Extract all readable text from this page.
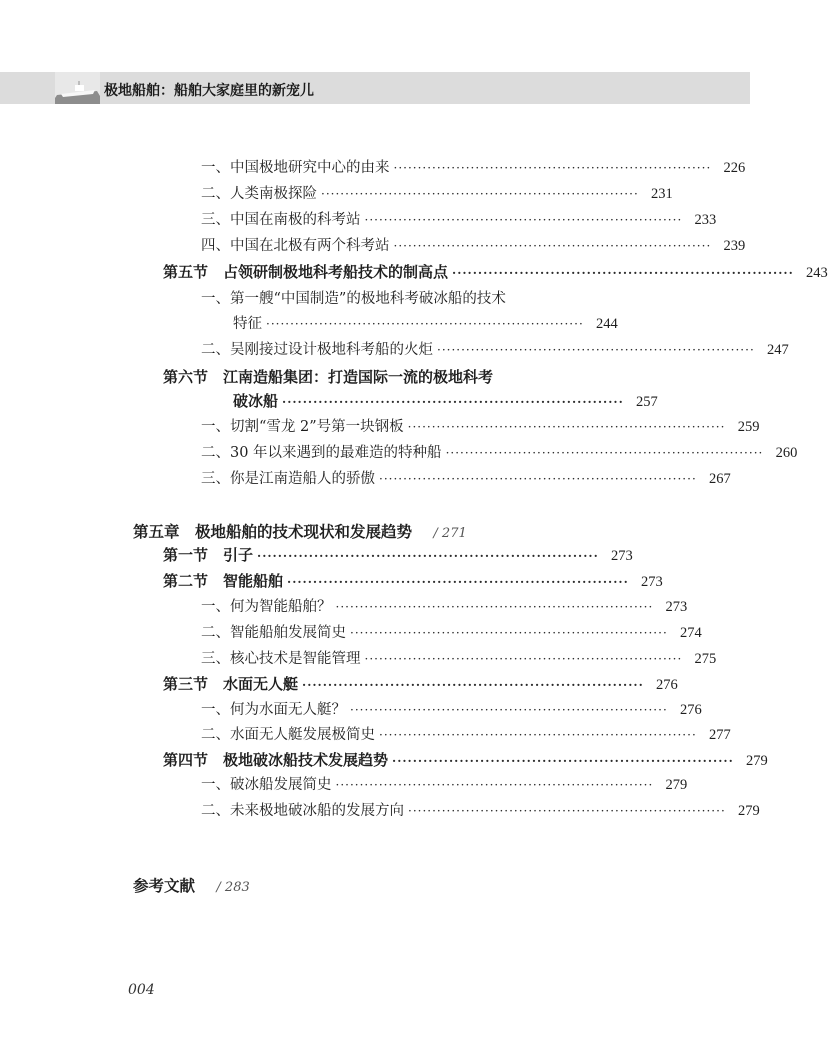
极地船舶：船舶大家庭里的新宠儿
一、中国极地研究中心的由来 ·································································· 226
二、人类南极探险 ·································································· 231
三、中国在南极的科考站 ·································································· 233
四、中国在北极有两个科考站 ·································································· 239
第五节　占领研制极地科考船技术的制高点 ·································································· 243
一、第一艘“中国制造”的极地科考破冰船的技术
特征 ·································································· 244
二、吴刚接过设计极地科考船的火炬 ·································································· 247
第六节　江南造船集团：打造国际一流的极地科考
破冰船 ·································································· 257
一、切割“雪龙 2”号第一块钢板 ·································································· 259
二、30 年以来遇到的最难造的特种船 ·································································· 260
三、你是江南造船人的骄傲 ·································································· 267
第五章　极地船舶的技术现状和发展趋势 / 271
第一节　引子 ·································································· 273
第二节　智能船舶 ·································································· 273
一、何为智能船舶？ ·································································· 273
二、智能船舶发展简史 ·································································· 274
三、核心技术是智能管理 ·································································· 275
第三节　水面无人艇 ·································································· 276
一、何为水面无人艇？ ·································································· 276
二、水面无人艇发展极简史 ·································································· 277
第四节　极地破冰船技术发展趋势 ·································································· 279
一、破冰船发展简史 ·································································· 279
二、未来极地破冰船的发展方向 ·································································· 279
参考文献 / 283
004
